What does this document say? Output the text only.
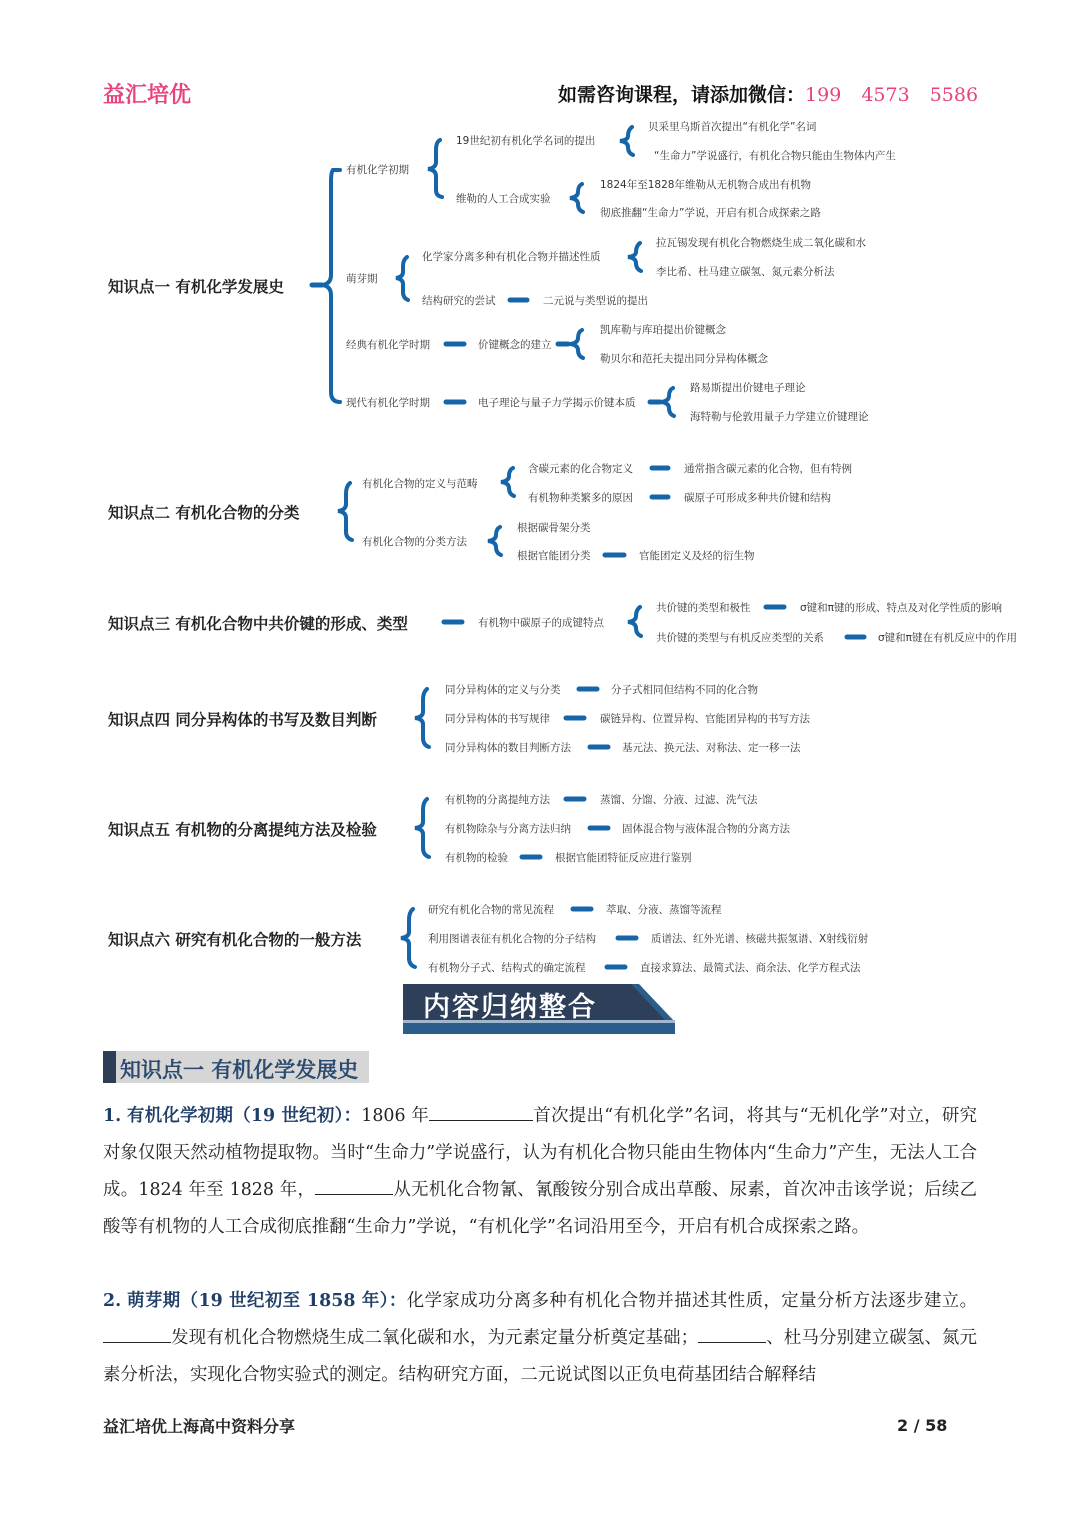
益汇培优	如需咨询课程，请添加微信：199 4573 5586
知识点一 有机化学发展史
有机化学初期
19世纪初有机化学名词的提出
贝采里乌斯首次提出“有机化学”名词
“生命力”学说盛行，有机化合物只能由生物体内产生
维勒的人工合成实验
1824年至1828年维勒从无机物合成出有机物
彻底推翻“生命力”学说，开启有机合成探索之路
萌芽期
化学家分离多种有机化合物并描述性质
拉瓦锡发现有机化合物燃烧生成二氧化碳和水
李比希、杜马建立碳氢、氮元素分析法
结构研究的尝试	二元说与类型说的提出
经典有机化学时期	价键概念的建立
凯库勒与库珀提出价键概念
勒贝尔和范托夫提出同分异构体概念
现代有机化学时期	电子理论与量子力学揭示价键本质
路易斯提出价键电子理论
海特勒与伦敦用量子力学建立价键理论
知识点二 有机化合物的分类
有机化合物的定义与范畴
含碳元素的化合物定义	通常指含碳元素的化合物，但有特例
有机物种类繁多的原因	碳原子可形成多种共价键和结构
有机化合物的分类方法
根据碳骨架分类
根据官能团分类	官能团定义及烃的衍生物
知识点三 有机化合物中共价键的形成、类型	有机物中碳原子的成键特点
共价键的类型和极性	σ键和π键的形成、特点及对化学性质的影响
共价键的类型与有机反应类型的关系	σ键和π键在有机反应中的作用
知识点四 同分异构体的书写及数目判断
同分异构体的定义与分类	分子式相同但结构不同的化合物
同分异构体的书写规律	碳链异构、位置异构、官能团异构的书写方法
同分异构体的数目判断方法	基元法、换元法、对称法、定一移一法
知识点五 有机物的分离提纯方法及检验
有机物的分离提纯方法	蒸馏、分馏、分液、过滤、洗气法
有机物除杂与分离方法归纳	固体混合物与液体混合物的分离方法
有机物的检验	根据官能团特征反应进行鉴别
知识点六 研究有机化合物的一般方法
研究有机化合物的常见流程	萃取、分液、蒸馏等流程
利用图谱表征有机化合物的分子结构	质谱法、红外光谱、核磁共振氢谱、X射线衍射
有机物分子式、结构式的确定流程	直接求算法、最简式法、商余法、化学方程式法
内容归纳整合
知识点一 有机化学发展史
1. 有机化学初期（19 世纪初）：1806 年	首次提出“有机化学”名词，将其与“无机化学”对立，研究对象仅限天然动植物提取物。当时“生命力”学说盛行，认为有机化合物只能由生物体内“生命力”产生，无法人工合成。1824 年至 1828 年，	从无机化合物氰、氰酸铵分别合成出草酸、尿素，首次冲击该学说；后续乙酸等有机物的人工合成彻底推翻“生命力”学说，“有机化学”名词沿用至今，开启有机合成探索之路。
2. 萌芽期（19 世纪初至 1858 年）：化学家成功分离多种有机化合物并描述其性质，定量分析方法逐步建立。发现有机化合物燃烧生成二氧化碳和水，为元素定量分析奠定基础；	、杜马分别建立碳氢、氮元素分析法，实现化合物实验式的测定。结构研究方面，二元说试图以正负电荷基团结合解释结
益汇培优上海高中资料分享	2 / 58
